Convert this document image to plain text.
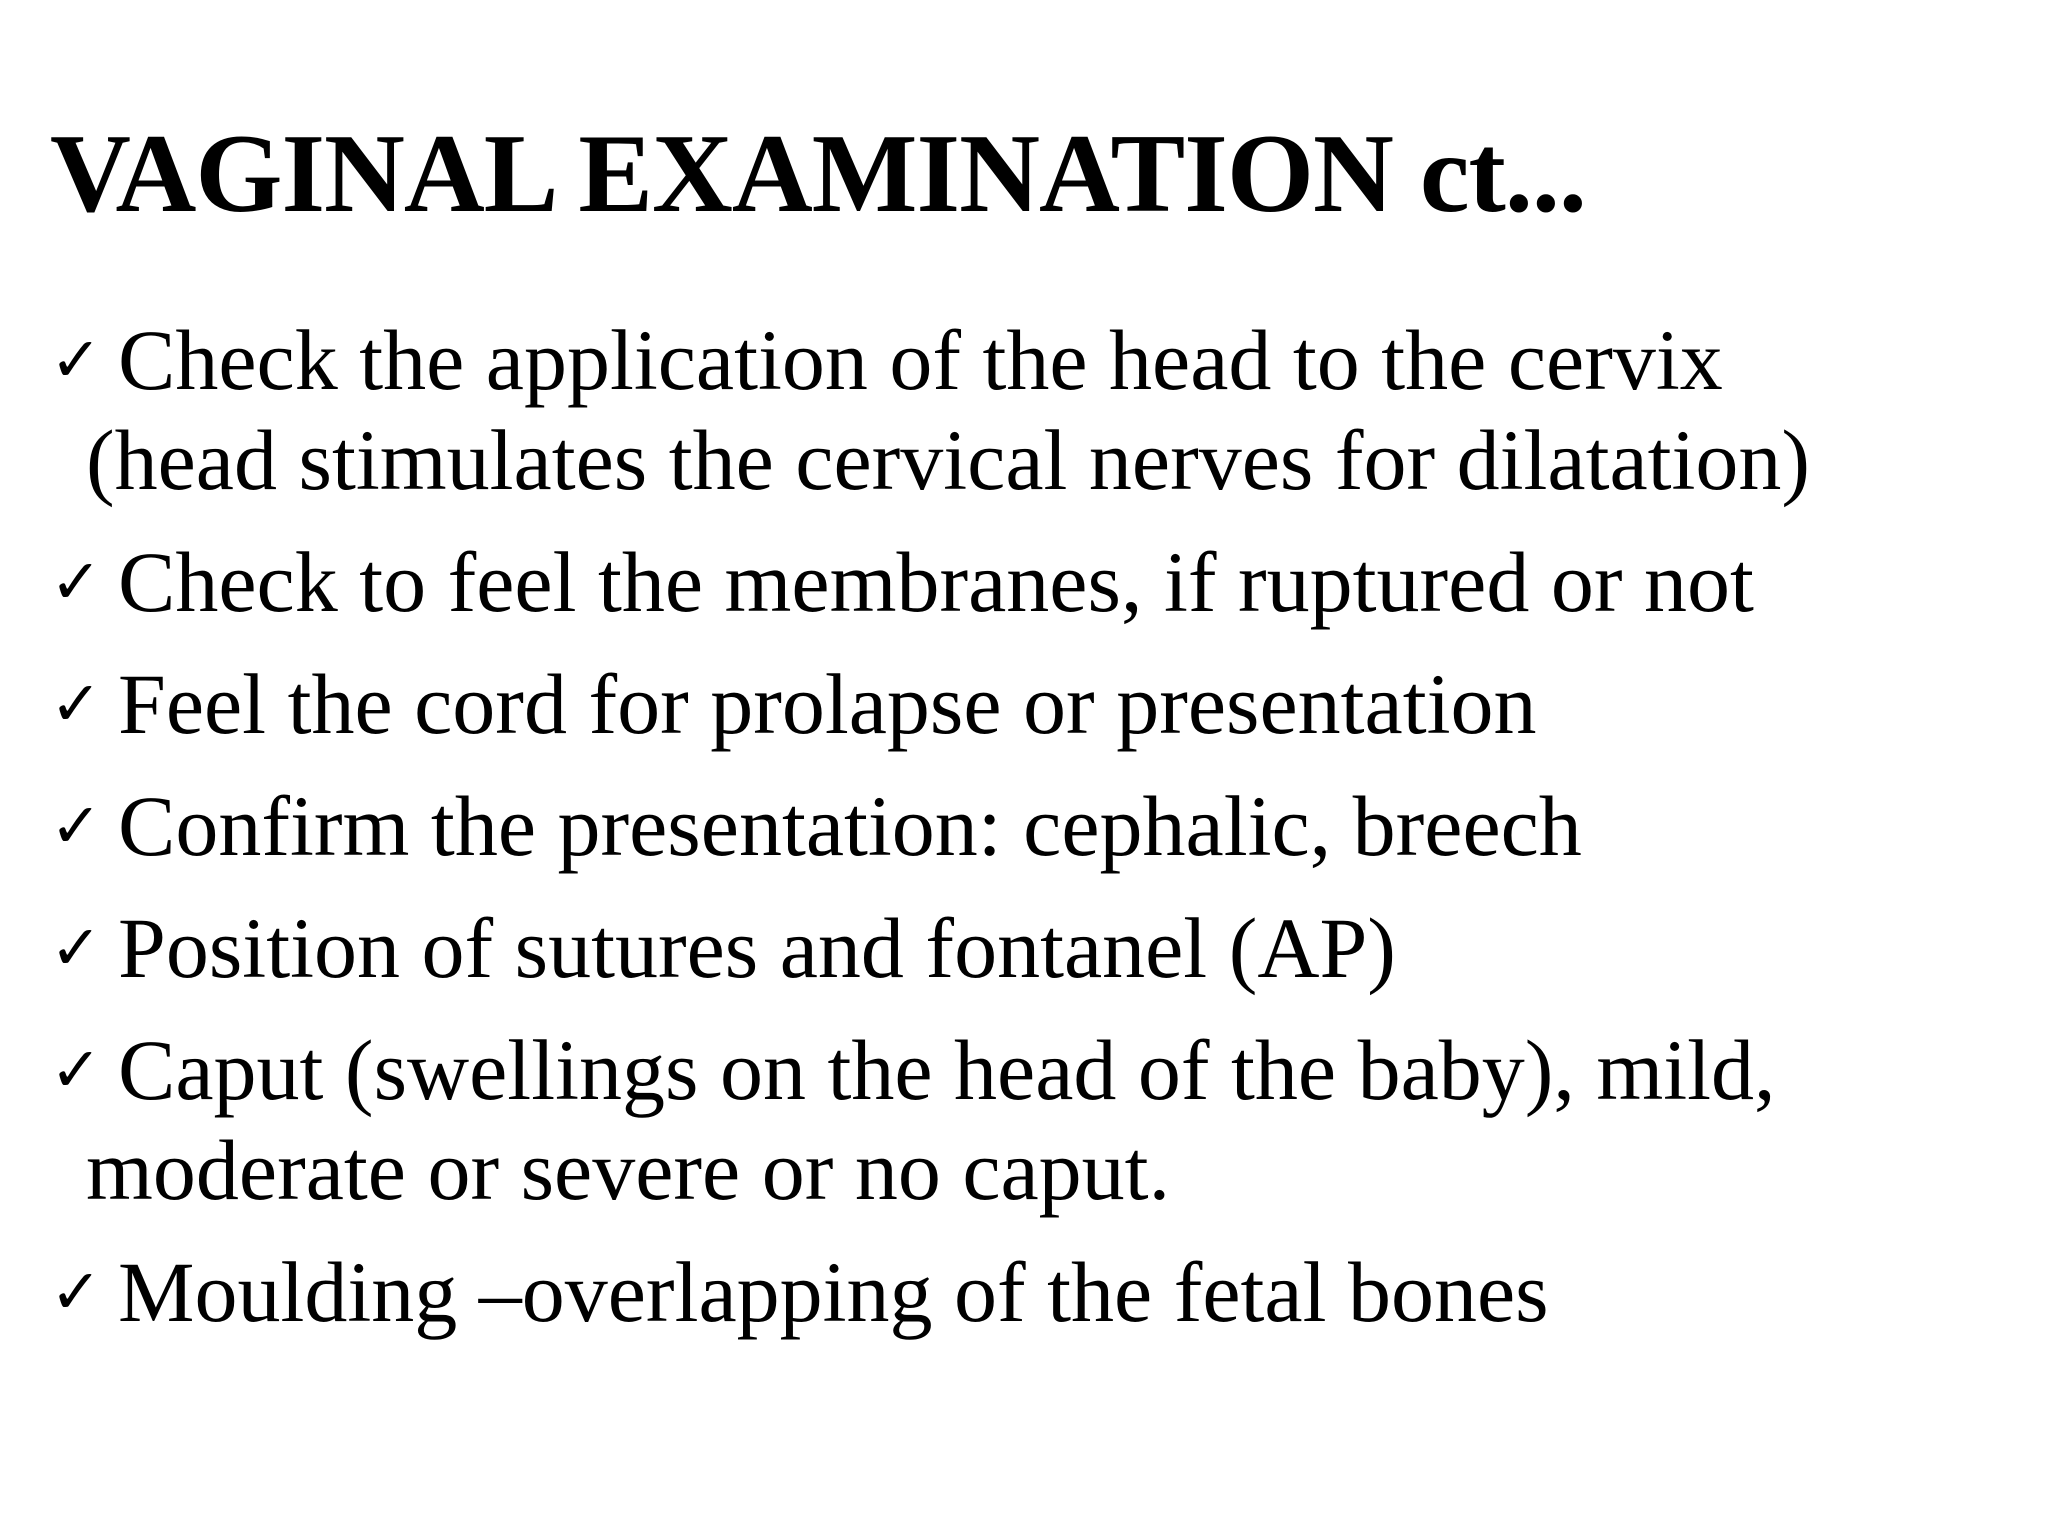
VAGINAL EXAMINATION ct...
✓ Check the application of the head to the cervix
(head stimulates the cervical nerves for dilatation)
✓ Check to feel the membranes, if ruptured or not
✓ Feel the cord for prolapse or presentation
✓ Confirm the presentation: cephalic, breech
✓ Position of sutures and fontanel (AP)
✓ Caput (swellings on the head of the baby), mild,
moderate or severe or no caput.
✓ Moulding –overlapping of the fetal bones
